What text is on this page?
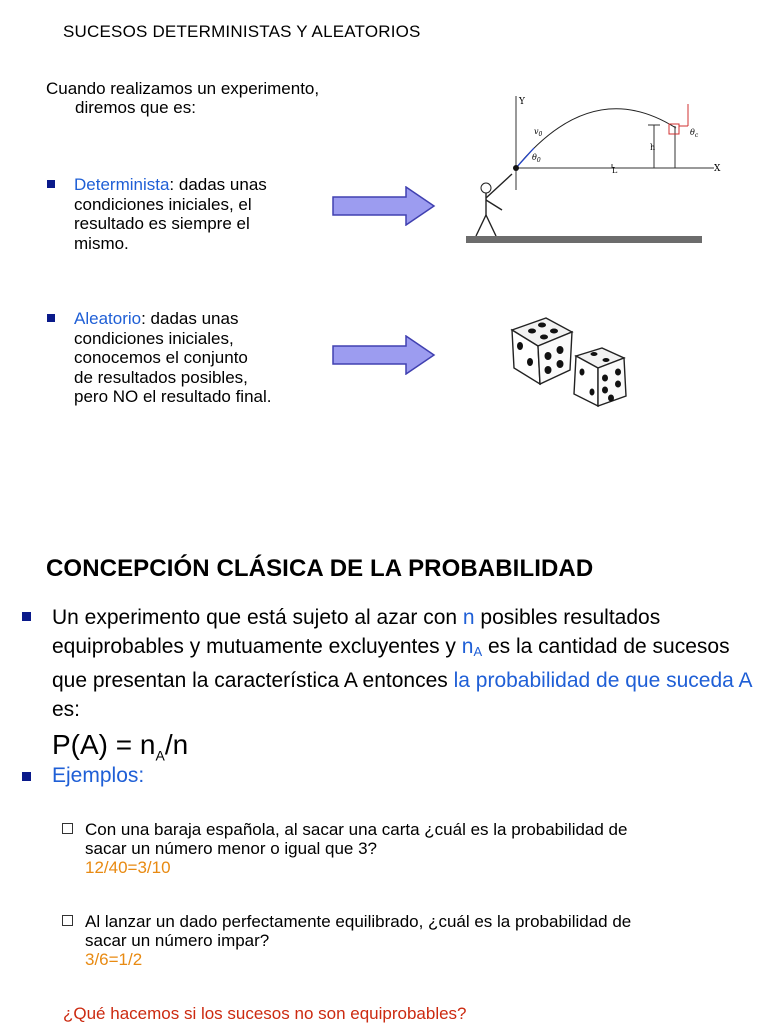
SUCESOS DETERMINISTAS Y ALEATORIOS
Cuando realizamos un experimento,
diremos que es:
Determinista: dadas unas
condiciones iniciales, el
resultado es siempre el
mismo.
Y
X
$v_0$
$\theta_0$
L
h
$\theta_c$
Aleatorio: dadas unas
condiciones iniciales,
conocemos el conjunto
de resultados posibles,
pero NO el resultado final.
CONCEPCIÓN CLÁSICA DE LA PROBABILIDAD
Un experimento que está sujeto al azar con n posibles resultados equiprobables y mutuamente excluyentes y nA es la cantidad de sucesos que presentan la característica A entonces la probabilidad de que suceda A es:
$P(A) = n_A/n$
Ejemplos:
Con una baraja española, al sacar una carta ¿cuál es la probabilidad de
sacar un número menor o igual que 3?
12/40=3/10
Al lanzar un dado perfectamente equilibrado, ¿cuál es la probabilidad de
sacar un número impar?
3/6=1/2
¿Qué hacemos si los sucesos no son equiprobables?
